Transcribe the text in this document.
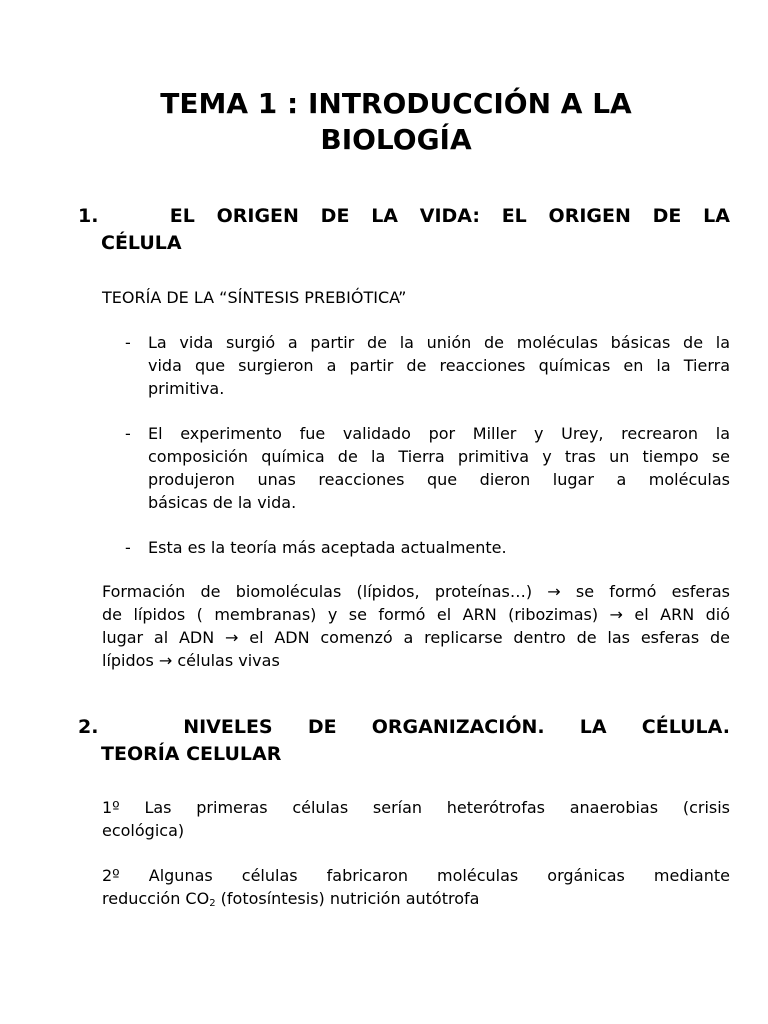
TEMA 1 : INTRODUCCIÓN A LA
BIOLOGÍA
1.	EL ORIGEN DE LA VIDA: EL ORIGEN DE LA
CÉLULA
TEORÍA DE LA “SÍNTESIS PREBIÓTICA”
- La vida surgió a partir de la unión de moléculas básicas de la
vida que surgieron a partir de reacciones químicas en la Tierra
primitiva.
- El experimento fue validado por Miller y Urey, recrearon la
composición química de la Tierra primitiva y tras un tiempo se
produjeron unas reacciones que dieron lugar a moléculas
básicas de la vida.
- Esta es la teoría más aceptada actualmente.
Formación de biomoléculas (lípidos, proteínas…) → se formó esferas
de lípidos ( membranas) y se formó el ARN (ribozimas) → el ARN dió
lugar al ADN → el ADN comenzó a replicarse dentro de las esferas de
lípidos → células vivas
2.	NIVELES DE ORGANIZACIÓN. LA CÉLULA.
TEORÍA CELULAR
1º Las primeras células serían heterótrofas anaerobias (crisis
ecológica)
2º Algunas células fabricaron moléculas orgánicas mediante
reducción $CO_2$ (fotosíntesis) nutrición autótrofa
